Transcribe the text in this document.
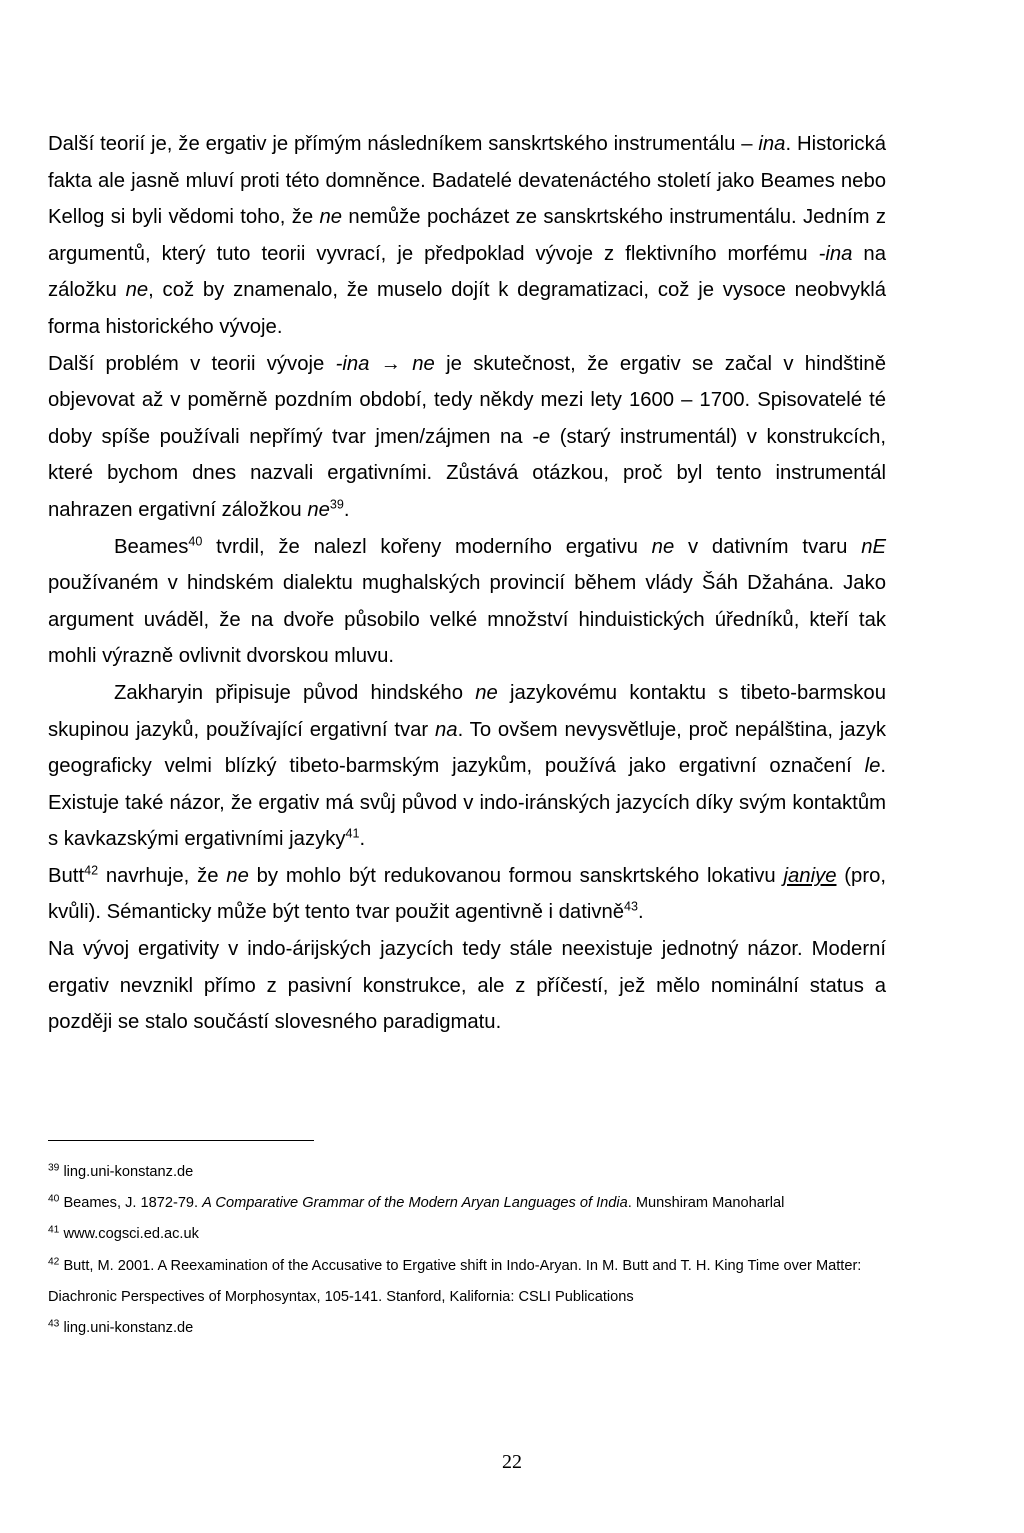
Další teorií je, že ergativ je přímým následníkem sanskrtského instrumentálu – ina. Historická fakta ale jasně mluví proti této domněnce. Badatelé devatenáctého století jako Beames nebo Kellog si byli vědomi toho, že ne nemůže pocházet ze sanskrtského instrumentálu. Jedním z argumentů, který tuto teorii vyvrací, je předpoklad vývoje z flektivního morfému -ina na záložku ne, což by znamenalo, že muselo dojít k degramatizaci, což je vysoce neobvyklá forma historického vývoje.

Další problém v teorii vývoje -ina → ne je skutečnost, že ergativ se začal v hindštině objevovat až v poměrně pozdním období, tedy někdy mezi lety 1600 – 1700. Spisovatelé té doby spíše používali nepřímý tvar jmen/zájmen na -e (starý instrumentál) v konstrukcích, které bychom dnes nazvali ergativními. Zůstává otázkou, proč byl tento instrumentál nahrazen ergativní záložkou $ne^{39}$.

Beames$^{40}$ tvrdil, že nalezl kořeny moderního ergativu ne v dativním tvaru nE používaném v hindském dialektu mughalských provincií během vlády Šáh Džahána. Jako argument uváděl, že na dvoře působilo velké množství hinduistických úředníků, kteří tak mohli výrazně ovlivnit dvorskou mluvu.

Zakharyin připisuje původ hindského ne jazykovému kontaktu s tibeto-barmskou skupinou jazyků, používající ergativní tvar na. To ovšem nevysvětluje, proč nepálština, jazyk geograficky velmi blízký tibeto-barmským jazykům, používá jako ergativní označení le. Existuje také názor, že ergativ má svůj původ v indo-iránských jazycích díky svým kontaktům s kavkazskými ergativními jazyky$^{41}$.

Butt$^{42}$ navrhuje, že ne by mohlo být redukovanou formou sanskrtského lokativu janiye (pro, kvůli). Sémanticky může být tento tvar použit agentivně i dativně$^{43}$.

Na vývoj ergativity v indo-árijských jazycích tedy stále neexistuje jednotný názor. Moderní ergativ nevznikl přímo z pasivní konstrukce, ale z příčestí, jež mělo nominální status a později se stalo součástí slovesného paradigmatu.

$^{39}$ ling.uni-konstanz.de

$^{40}$ Beames, J. 1872-79. A Comparative Grammar of the Modern Aryan Languages of India. Munshiram Manoharlal

$^{41}$ www.cogsci.ed.ac.uk

$^{42}$ Butt, M. 2001. A Reexamination of the Accusative to Ergative shift in Indo-Aryan. In M. Butt and T. H. King Time over Matter: Diachronic Perspectives of Morphosyntax, 105-141. Stanford, Kalifornia: CSLI Publications

$^{43}$ ling.uni-konstanz.de

22
